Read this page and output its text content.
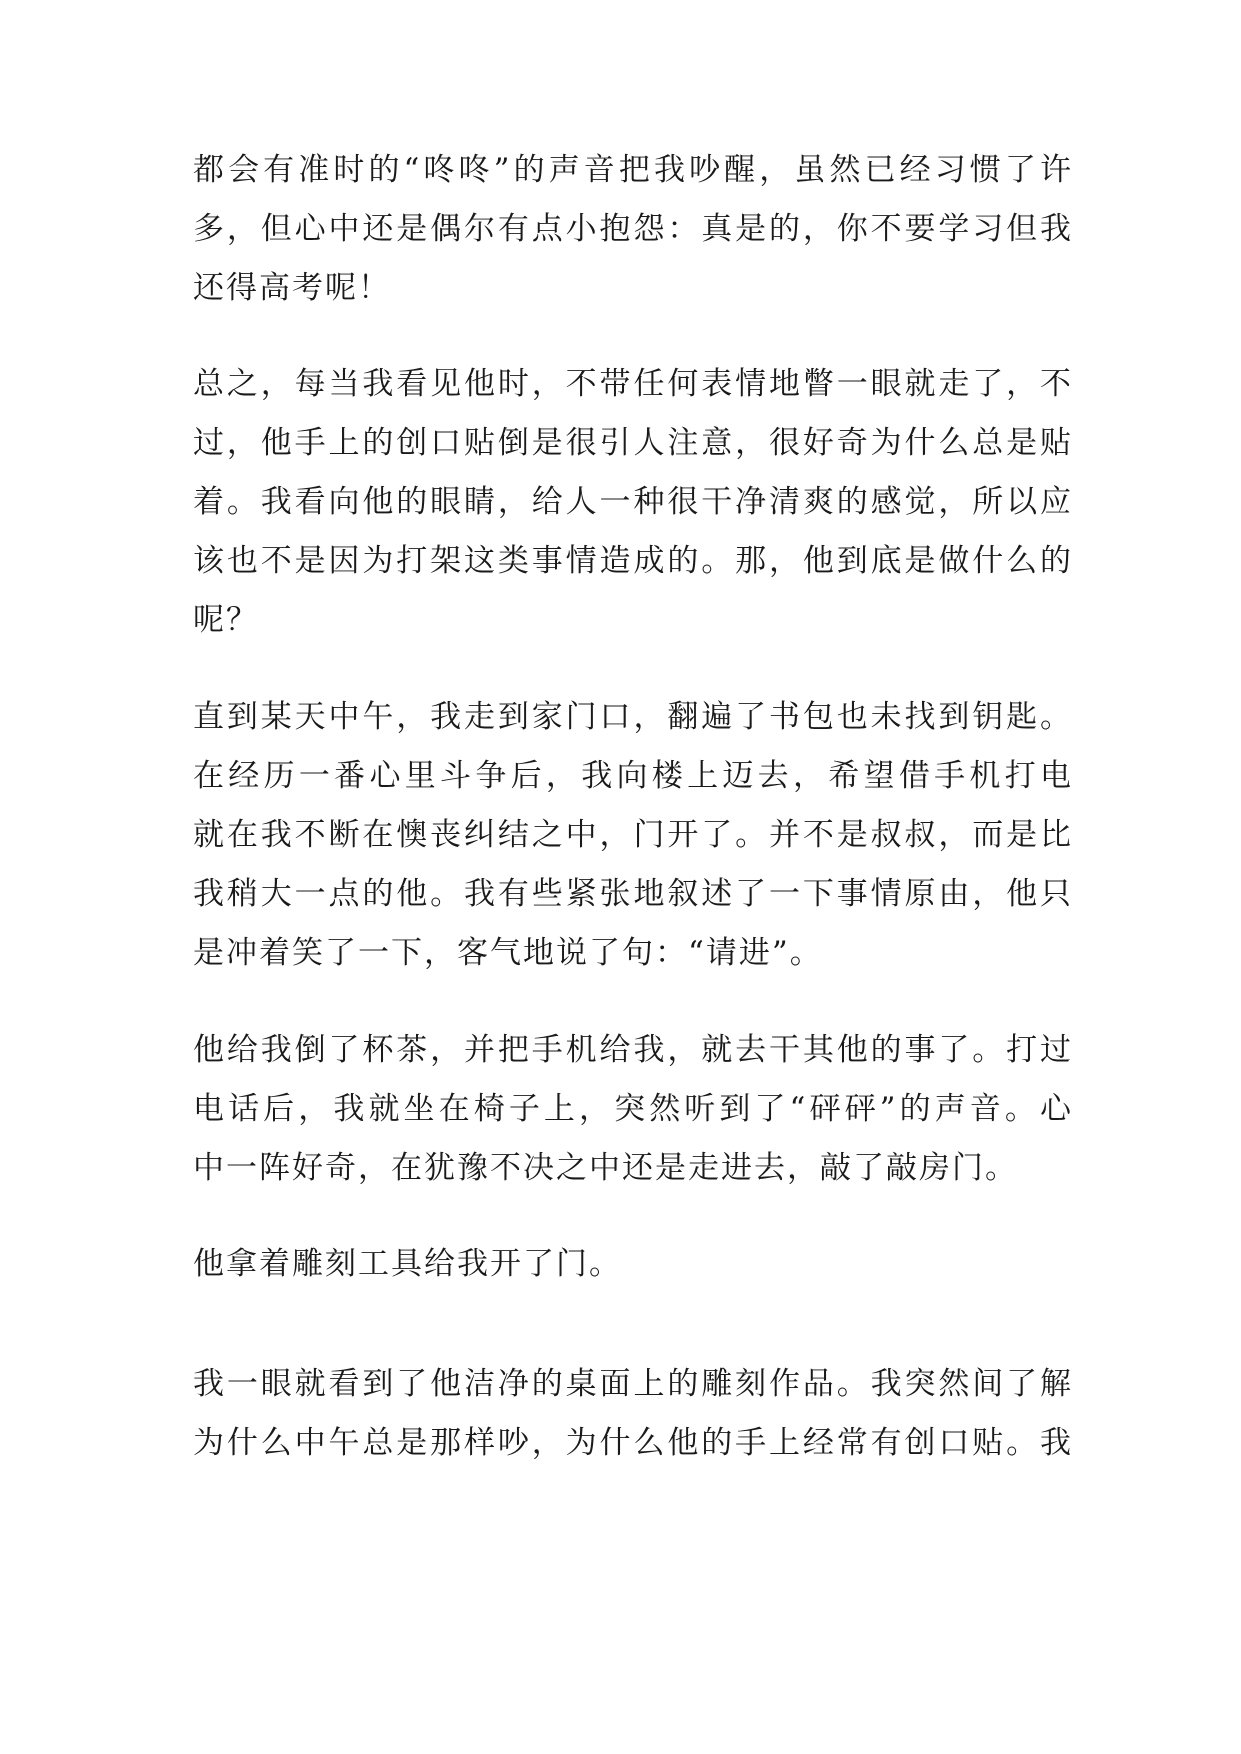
都会有准时的“咚咚”的声音把我吵醒，虽然已经习惯了许
多，但心中还是偶尔有点小抱怨：真是的，你不要学习但我
还得高考呢！
总之，每当我看见他时，不带任何表情地瞥一眼就走了，不
过，他手上的创口贴倒是很引人注意，很好奇为什么总是贴
着。我看向他的眼睛，给人一种很干净清爽的感觉，所以应
该也不是因为打架这类事情造成的。那，他到底是做什么的
呢？
直到某天中午，我走到家门口，翻遍了书包也未找到钥匙。
在经历一番心里斗争后，我向楼上迈去，希望借手机打电
就在我不断在懊丧纠结之中，门开了。并不是叔叔，而是比
我稍大一点的他。我有些紧张地叙述了一下事情原由，他只
是冲着笑了一下，客气地说了句：“请进”。
他给我倒了杯茶，并把手机给我，就去干其他的事了。打过
电话后，我就坐在椅子上，突然听到了“砰砰”的声音。心
中一阵好奇，在犹豫不决之中还是走进去，敲了敲房门。
他拿着雕刻工具给我开了门。
我一眼就看到了他洁净的桌面上的雕刻作品。我突然间了解
为什么中午总是那样吵，为什么他的手上经常有创口贴。我
